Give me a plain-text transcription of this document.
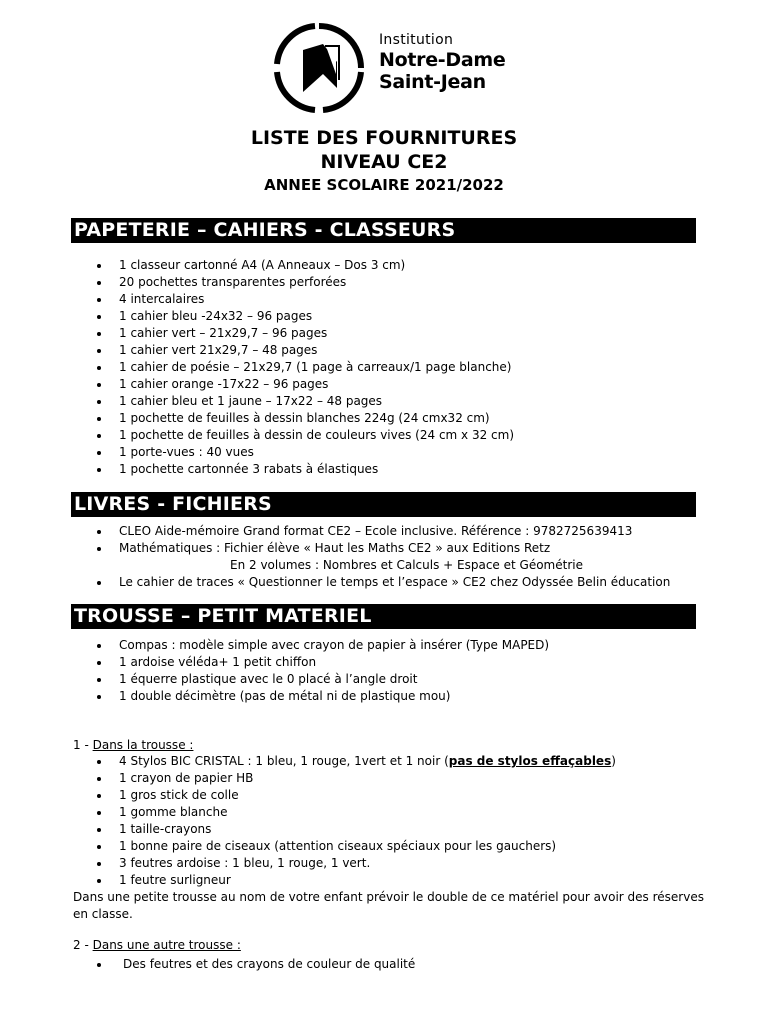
Institution
Notre-Dame
Saint-Jean
LISTE DES FOURNITURES
NIVEAU CE2
ANNEE SCOLAIRE 2021/2022
PAPETERIE – CAHIERS - CLASSEURS
1 classeur cartonné A4 (A Anneaux – Dos 3 cm)
20 pochettes transparentes perforées
4 intercalaires
1 cahier bleu -24x32 – 96 pages
1 cahier vert – 21x29,7 – 96 pages
1 cahier vert 21x29,7 – 48 pages
1 cahier de poésie – 21x29,7 (1 page à carreaux/1 page blanche)
1 cahier orange -17x22 – 96 pages
1 cahier bleu et 1 jaune – 17x22 – 48 pages
1 pochette de feuilles à dessin blanches 224g (24 cmx32 cm)
1 pochette de feuilles à dessin de couleurs vives (24 cm x 32 cm)
1 porte-vues : 40 vues
1 pochette cartonnée 3 rabats à élastiques
LIVRES - FICHIERS
CLEO Aide-mémoire Grand format CE2 – Ecole inclusive. Référence : 9782725639413
Mathématiques : Fichier élève « Haut les Maths CE2 » aux Editions Retz
En 2 volumes : Nombres et Calculs + Espace et Géométrie
Le cahier de traces « Questionner le temps et l’espace » CE2 chez Odyssée Belin éducation
TROUSSE – PETIT MATERIEL
Compas : modèle simple avec crayon de papier à insérer (Type MAPED)
1 ardoise véléda+ 1 petit chiffon
1 équerre plastique avec le 0 placé à l’angle droit
1 double décimètre (pas de métal ni de plastique mou)
1 - Dans la trousse :
4 Stylos BIC CRISTAL : 1 bleu, 1 rouge, 1vert et 1 noir (pas de stylos effaçables)
1 crayon de papier HB
1 gros stick de colle
1 gomme blanche
1 taille-crayons
1 bonne paire de ciseaux (attention ciseaux spéciaux pour les gauchers)
3 feutres ardoise : 1 bleu, 1 rouge, 1 vert.
1 feutre surligneur
Dans une petite trousse au nom de votre enfant prévoir le double de ce matériel pour avoir des réserves
en classe.
2 - Dans une autre trousse :
Des feutres et des crayons de couleur de qualité
